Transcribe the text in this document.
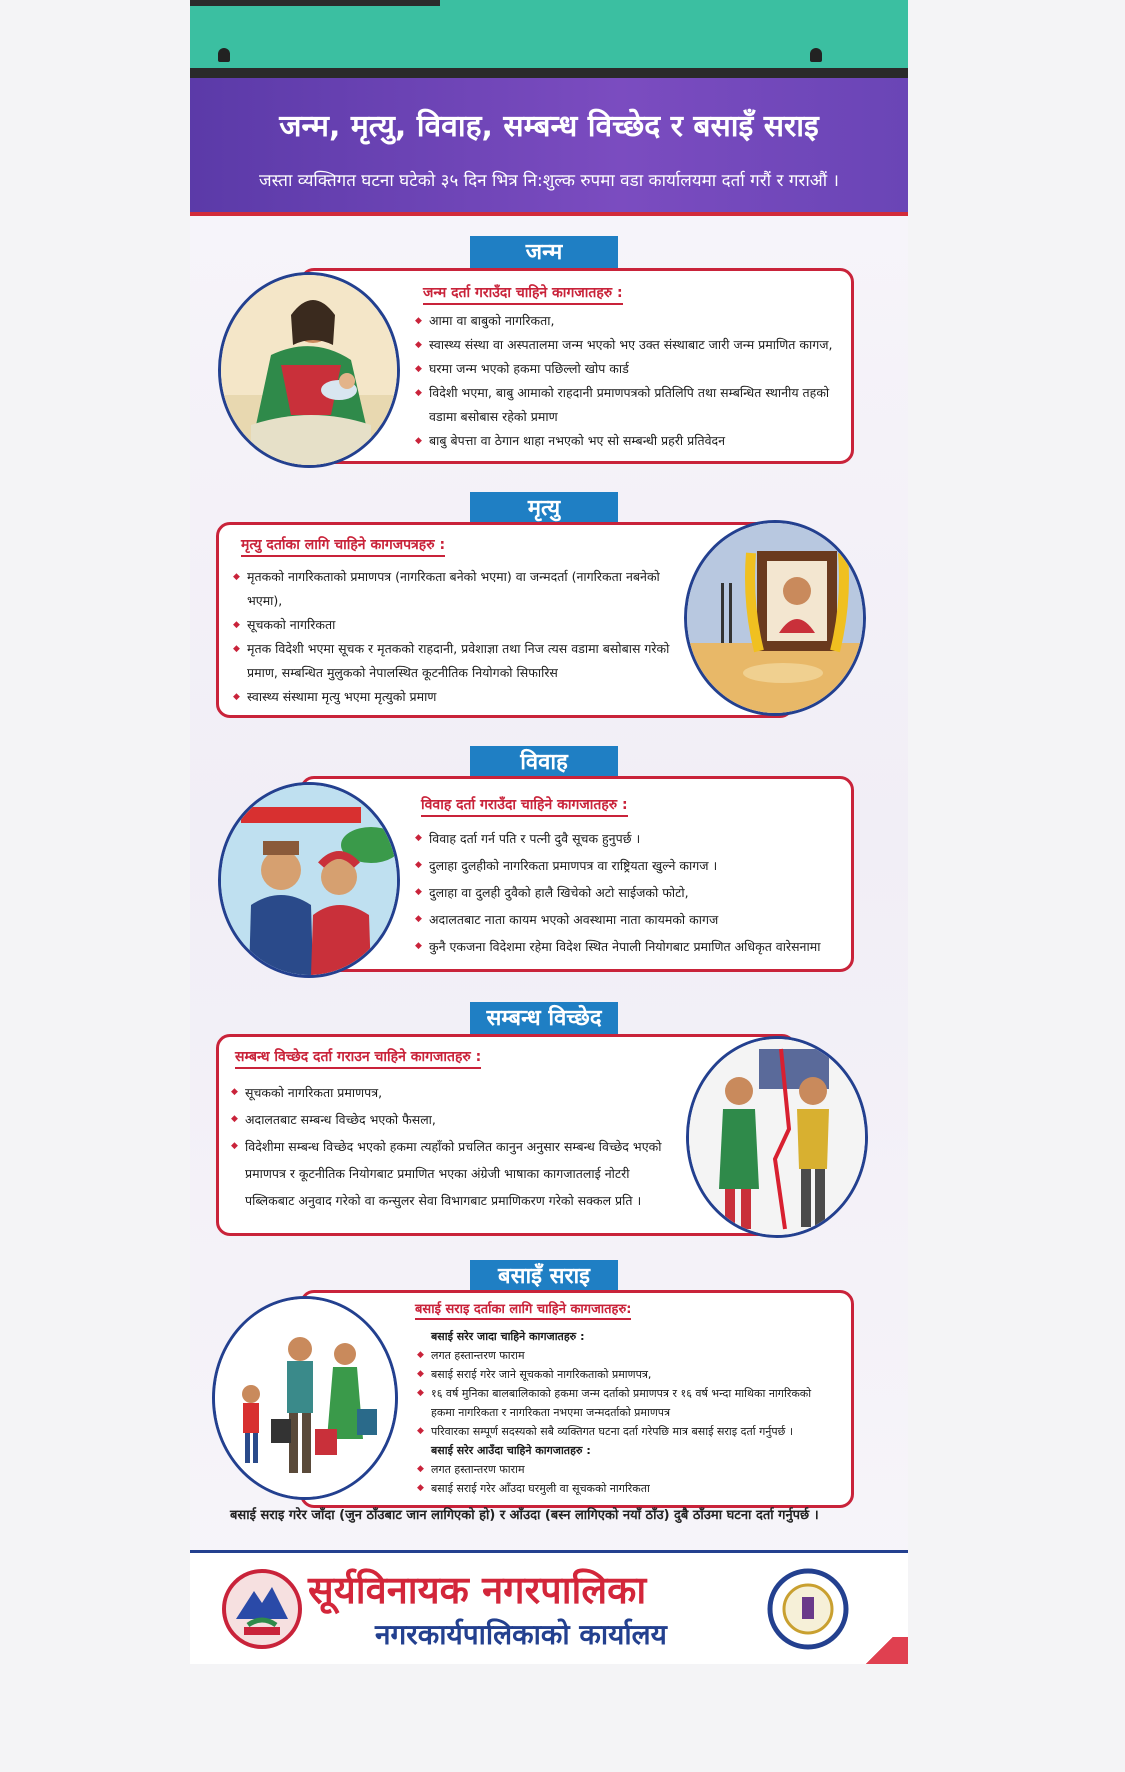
जन्म, मृत्यु, विवाह, सम्बन्ध विच्छेद र बसाइँ सराइ
जस्ता व्यक्तिगत घटना घटेको ३५ दिन भित्र नि:शुल्क रुपमा वडा कार्यालयमा दर्ता गरौं र गराऔं ।
जन्म
जन्म दर्ता गराउँदा चाहिने कागजातहरु :
◆ आमा वा बाबुको नागरिकता,
◆ स्वास्थ्य संस्था वा अस्पतालमा जन्म भएको भए उक्त संस्थाबाट जारी जन्म प्रमाणित कागज,
◆ घरमा जन्म भएको हकमा पछिल्लो खोप कार्ड
◆ विदेशी भएमा, बाबु आमाको राहदानी प्रमाणपत्रको प्रतिलिपि तथा सम्बन्धित स्थानीय तहको
वडामा बसोबास रहेको प्रमाण
◆ बाबु बेपत्ता वा ठेगान थाहा नभएको भए सो सम्बन्धी प्रहरी प्रतिवेदन
मृत्यु
मृत्यु दर्ताका लागि चाहिने कागजपत्रहरु :
◆ मृतकको नागरिकताको प्रमाणपत्र (नागरिकता बनेको भएमा) वा जन्मदर्ता (नागरिकता नबनेको भएमा),
◆ सूचकको नागरिकता
◆ मृतक विदेशी भएमा सूचक र मृतकको राहदानी, प्रवेशाज्ञा तथा निज त्यस वडामा बसोबास गरेको
प्रमाण, सम्बन्धित मुलुकको नेपालस्थित कूटनीतिक नियोगको सिफारिस
◆ स्वास्थ्य संस्थामा मृत्यु भएमा मृत्युको प्रमाण
विवाह
विवाह दर्ता गराउँदा चाहिने कागजातहरु :
◆ विवाह दर्ता गर्न पति र पत्नी दुवै सूचक हुनुपर्छ ।
◆ दुलाहा दुलहीको नागरिकता प्रमाणपत्र वा राष्ट्रियता खुल्ने कागज ।
◆ दुलाहा वा दुलही दुवैको हालै खिचेको अटो साईजको फोटो,
◆ अदालतबाट नाता कायम भएको अवस्थामा नाता कायमको कागज
◆ कुनै एकजना विदेशमा रहेमा विदेश स्थित नेपाली नियोगबाट प्रमाणित अधिकृत वारेसनामा
सम्बन्ध विच्छेद
सम्बन्ध विच्छेद दर्ता गराउन चाहिने कागजातहरु :
◆ सूचकको नागरिकता प्रमाणपत्र,
◆ अदालतबाट सम्बन्ध विच्छेद भएको फैसला,
◆ विदेशीमा सम्बन्ध विच्छेद भएको हकमा त्यहाँको प्रचलित कानुन अनुसार सम्बन्ध विच्छेद भएको
प्रमाणपत्र र कूटनीतिक नियोगबाट प्रमाणित भएका अंग्रेजी भाषाका कागजातलाई नोटरी
पब्लिकबाट अनुवाद गरेको वा कन्सुलर सेवा विभागबाट प्रमाणिकरण गरेको सक्कल प्रति ।
बसाइँ सराइ
बसाई सराइ दर्ताका लागि चाहिने कागजातहरु:
बसाई सरेर जादा चाहिने कागजातहरु :
◆ लगत हस्तान्तरण फाराम
◆ बसाई सराई गरेर जाने सूचकको नागरिकताको प्रमाणपत्र,
◆ १६ वर्ष मुनिका बालबालिकाको हकमा जन्म दर्ताको प्रमाणपत्र र १६ वर्ष भन्दा माथिका नागरिकको
हकमा नागरिकता र नागरिकता नभएमा जन्मदर्ताको प्रमाणपत्र
◆ परिवारका सम्पूर्ण सदस्यको सबै व्यक्तिगत घटना दर्ता गरेपछि मात्र बसाई सराइ दर्ता गर्नुपर्छ ।
बसाई सरेर आउँदा चाहिने कागजातहरु :
◆ लगत हस्तान्तरण फाराम
◆ बसाई सराई गरेर आँउदा घरमुली वा सूचकको नागरिकता
बसाई सराइ गरेर जाँदा (जुन ठाँउबाट जान लागिएको हो) र आँउदा (बस्न लागिएको नयाँ ठाँउ) दुबै ठाँउमा घटना दर्ता गर्नुपर्छ ।
सूर्यविनायक नगरपालिका
नगरकार्यपालिकाको कार्यालय
